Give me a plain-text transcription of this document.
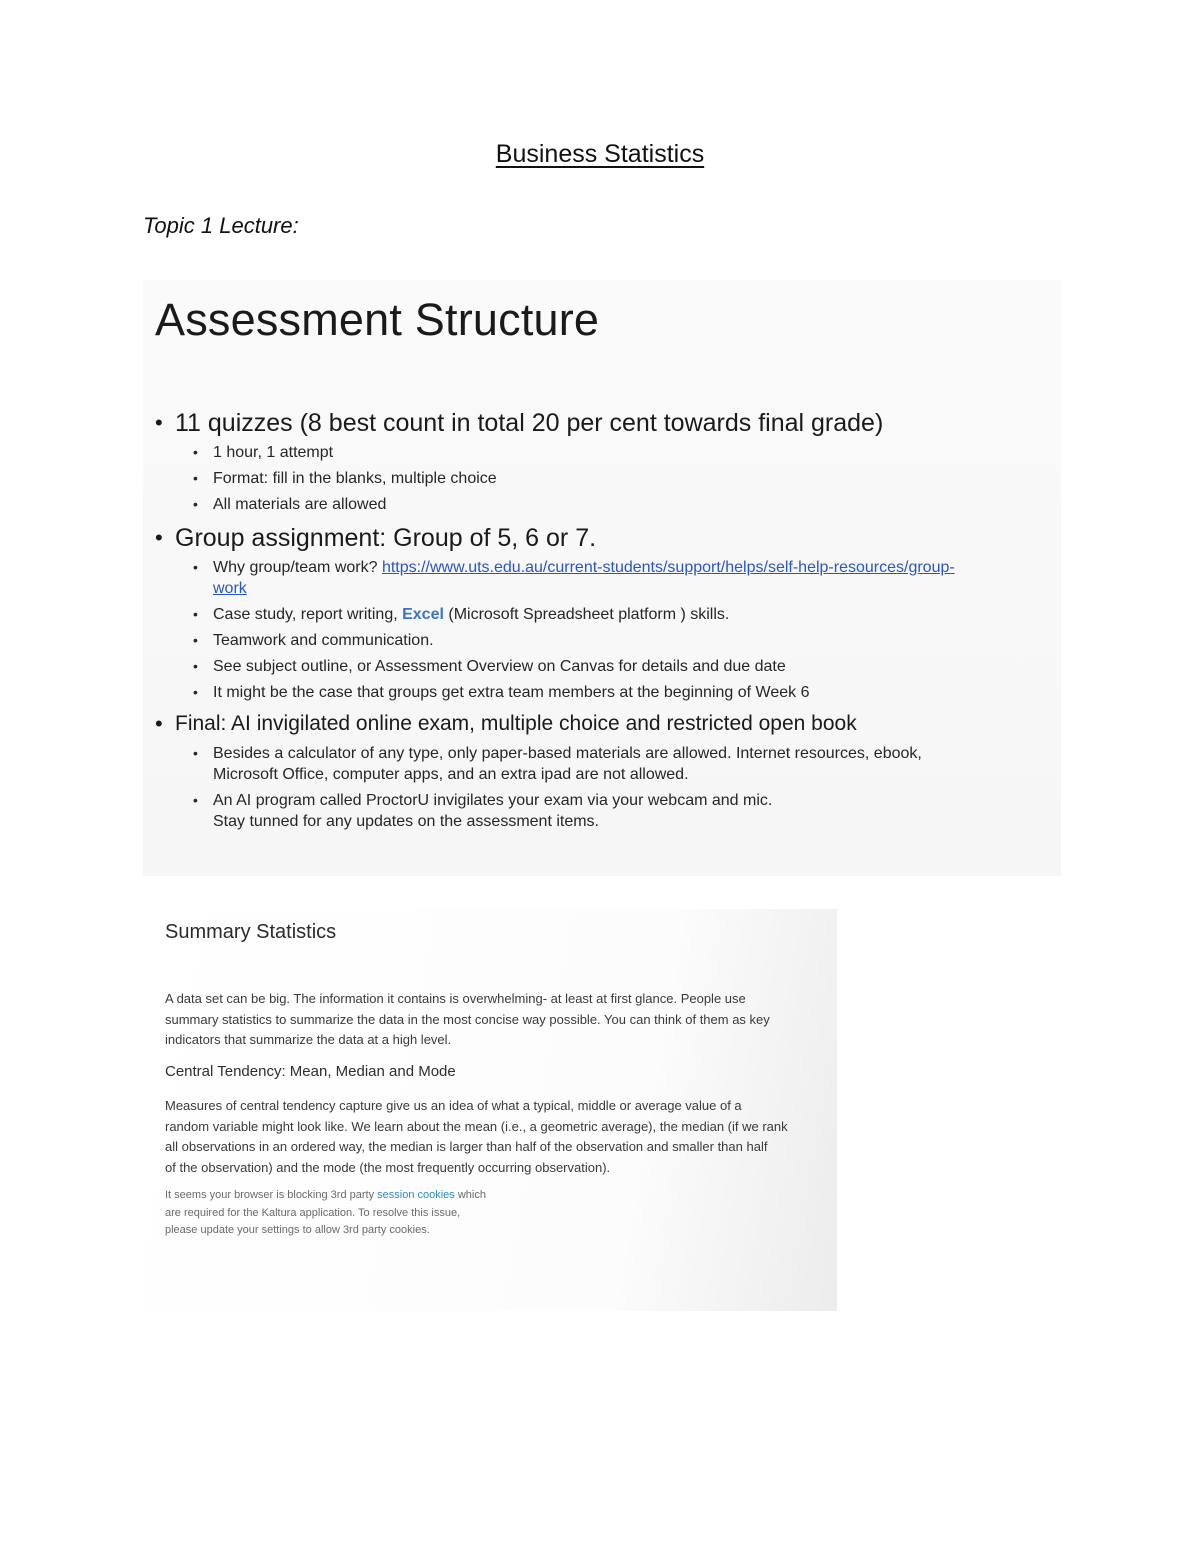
Business Statistics
Topic 1 Lecture:
Assessment Structure
• 11 quizzes (8 best count in total 20 per cent towards final grade)
• 1 hour, 1 attempt
• Format: fill in the blanks, multiple choice
• All materials are allowed
• Group assignment: Group of 5, 6 or 7.
• Why group/team work? https://www.uts.edu.au/current-students/support/helps/self-help-resources/group-
work
• Case study, report writing, Excel (Microsoft Spreadsheet platform ) skills.
• Teamwork and communication.
• See subject outline, or Assessment Overview on Canvas for details and due date
• It might be the case that groups get extra team members at the beginning of Week 6
• Final: AI invigilated online exam, multiple choice and restricted open book
• Besides a calculator of any type, only paper-based materials are allowed. Internet resources, ebook,
Microsoft Office, computer apps, and an extra ipad are not allowed.
• An AI program called ProctorU invigilates your exam via your webcam and mic.
Stay tunned for any updates on the assessment items.
Summary Statistics

A data set can be big. The information it contains is overwhelming- at least at first glance. People use
summary statistics to summarize the data in the most concise way possible. You can think of them as key
indicators that summarize the data at a high level.

Central Tendency: Mean, Median and Mode

Measures of central tendency capture give us an idea of what a typical, middle or average value of a
random variable might look like. We learn about the mean (i.e., a geometric average), the median (if we rank
all observations in an ordered way, the median is larger than half of the observation and smaller than half
of the observation) and the mode (the most frequently occurring observation).

It seems your browser is blocking 3rd party session cookies which
are required for the Kaltura application. To resolve this issue,
please update your settings to allow 3rd party cookies.
